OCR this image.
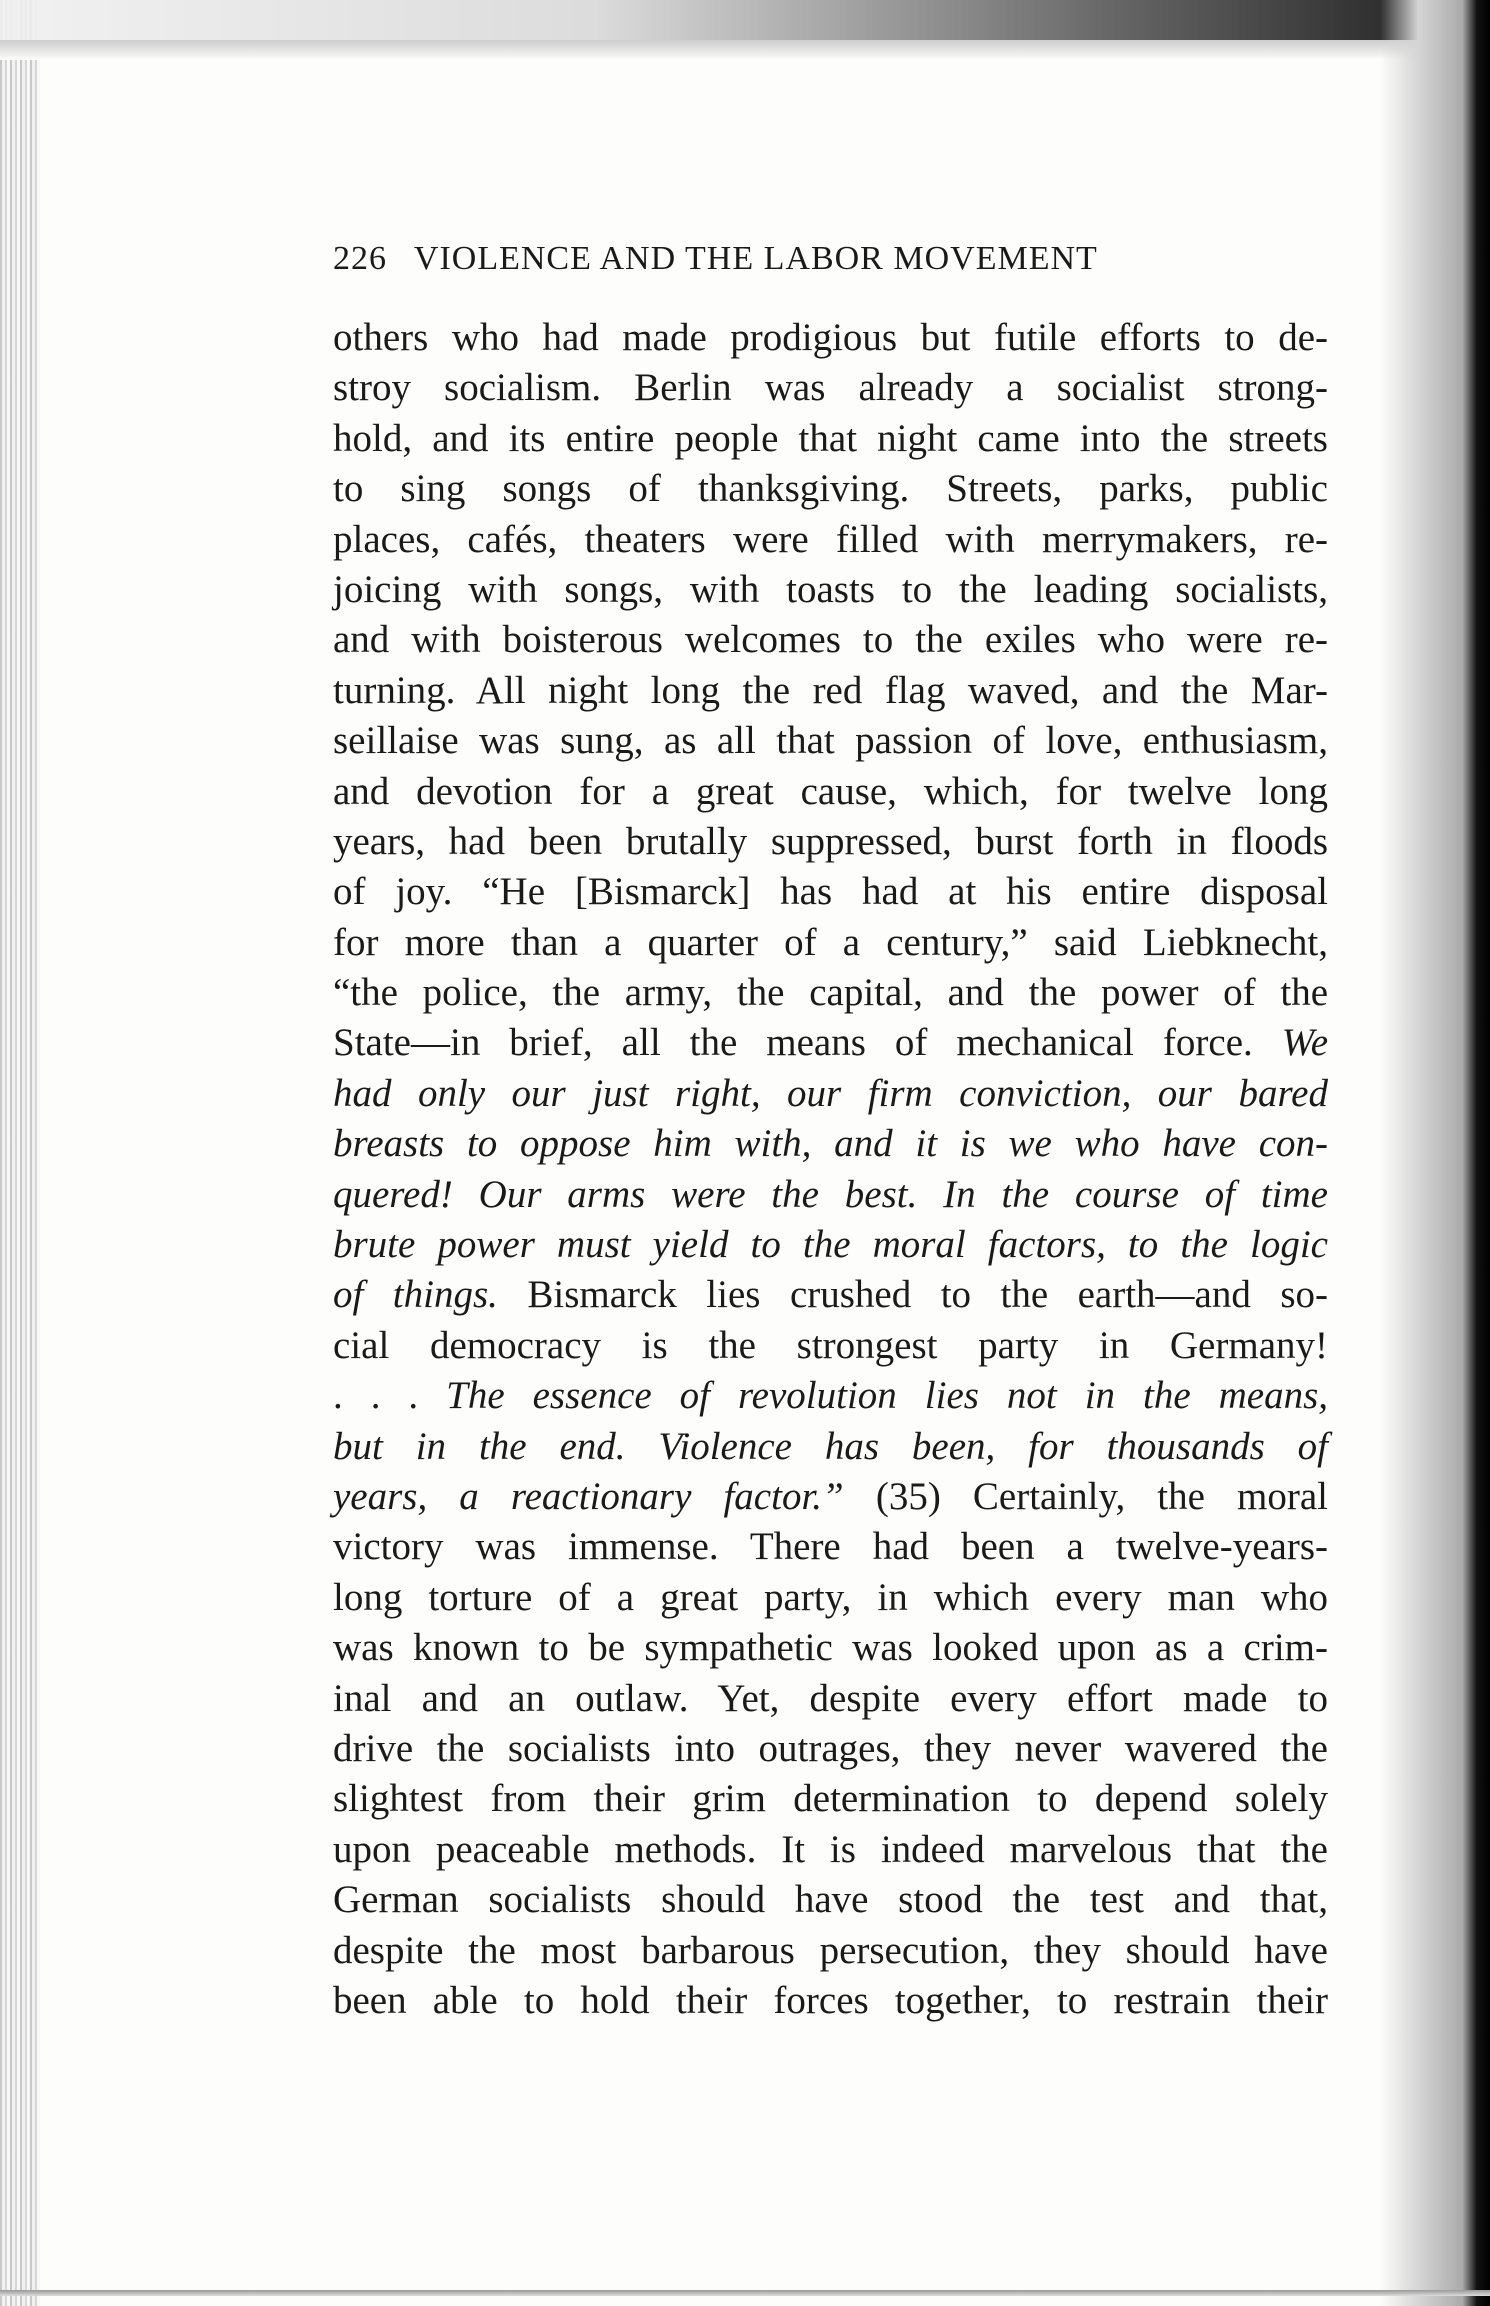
226 VIOLENCE AND THE LABOR MOVEMENT
others who had made prodigious but futile efforts to de-
stroy socialism. Berlin was already a socialist strong-
hold, and its entire people that night came into the streets
to sing songs of thanksgiving. Streets, parks, public
places, cafés, theaters were filled with merrymakers, re-
joicing with songs, with toasts to the leading socialists,
and with boisterous welcomes to the exiles who were re-
turning. All night long the red flag waved, and the Mar-
seillaise was sung, as all that passion of love, enthusiasm,
and devotion for a great cause, which, for twelve long
years, had been brutally suppressed, burst forth in floods
of joy. “He [Bismarck] has had at his entire disposal
for more than a quarter of a century,” said Liebknecht,
“the police, the army, the capital, and the power of the
State—in brief, all the means of mechanical force. We
had only our just right, our firm conviction, our bared
breasts to oppose him with, and it is we who have con-
quered! Our arms were the best. In the course of time
brute power must yield to the moral factors, to the logic
of things. Bismarck lies crushed to the earth—and so-
cial democracy is the strongest party in Germany!
. . . The essence of revolution lies not in the means,
but in the end. Violence has been, for thousands of
years, a reactionary factor.” (35) Certainly, the moral
victory was immense. There had been a twelve-years-
long torture of a great party, in which every man who
was known to be sympathetic was looked upon as a crim-
inal and an outlaw. Yet, despite every effort made to
drive the socialists into outrages, they never wavered the
slightest from their grim determination to depend solely
upon peaceable methods. It is indeed marvelous that the
German socialists should have stood the test and that,
despite the most barbarous persecution, they should have
been able to hold their forces together, to restrain their
